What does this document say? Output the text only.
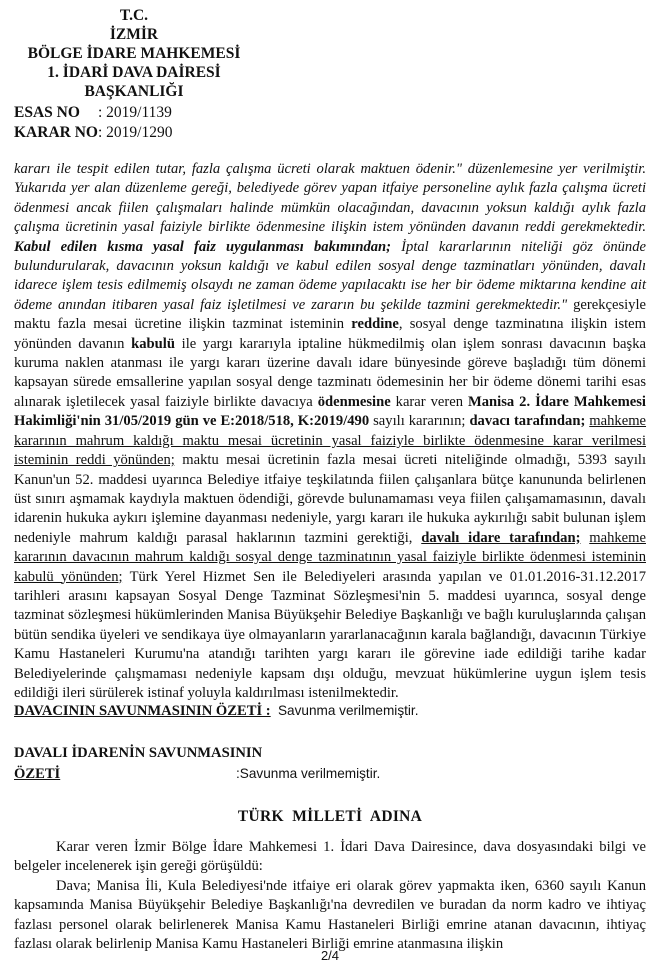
T.C.
İZMİR
BÖLGE İDARE MAHKEMESİ
1. İDARİ DAVA DAİRESİ
BAŞKANLIĞI
ESAS NO : 2019/1139
KARAR NO: 2019/1290

kararı ile tespit edilen tutar, fazla çalışma ücreti olarak maktuen ödenir." düzenlemesine yer verilmiştir. Yukarıda yer alan düzenleme gereği, belediyede görev yapan itfaiye personeline aylık fazla çalışma ücreti ödenmesi ancak fiilen çalışmaları halinde mümkün olacağından, davacının yoksun kaldığı aylık fazla çalışma ücretinin yasal faiziyle birlikte ödenmesine ilişkin istem yönünden davanın reddi gerekmektedir. Kabul edilen kısma yasal faiz uygulanması bakımından; İptal kararlarının niteliği göz önünde bulundurularak, davacının yoksun kaldığı ve kabul edilen sosyal denge tazminatları yönünden, davalı idarece işlem tesis edilmemiş olsaydı ne zaman ödeme yapılacaktı ise her bir ödeme miktarına kendine ait ödeme anından itibaren yasal faiz işletilmesi ve zararın bu şekilde tazmini gerekmektedir." gerekçesiyle maktu fazla mesai ücretine ilişkin tazminat isteminin reddine, sosyal denge tazminatına ilişkin istem yönünden davanın kabulü ile yargı kararıyla iptaline hükmedilmiş olan işlem sonrası davacının başka kuruma naklen atanması ile yargı kararı üzerine davalı idare bünyesinde göreve başladığı tüm dönemi kapsayan sürede emsallerine yapılan sosyal denge tazminatı ödemesinin her bir ödeme dönemi tarihi esas alınarak işletilecek yasal faiziyle birlikte davacıya ödenmesine karar veren Manisa 2. İdare Mahkemesi Hakimliği'nin 31/05/2019 gün ve E:2018/518, K:2019/490 sayılı kararının; davacı tarafından; mahkeme kararının mahrum kaldığı maktu mesai ücretinin yasal faiziyle birlikte ödenmesine karar verilmesi isteminin reddi yönünden; maktu mesai ücretinin fazla mesai ücreti niteliğinde olmadığı, 5393 sayılı Kanun'un 52. maddesi uyarınca Belediye itfaiye teşkilatında fiilen çalışanlara bütçe kanununda belirlenen üst sınırı aşmamak kaydıyla maktuen ödendiği, görevde bulunamaması veya fiilen çalışamamasının, davalı idarenin hukuka aykırı işlemine dayanması nedeniyle, yargı kararı ile hukuka aykırılığı sabit bulunan işlem nedeniyle mahrum kaldığı parasal haklarının tazmini gerektiği, davalı idare tarafından; mahkeme kararının davacının mahrum kaldığı sosyal denge tazminatının yasal faiziyle birlikte ödenmesi isteminin kabulü yönünden; Türk Yerel Hizmet Sen ile Belediyeleri arasında yapılan ve 01.01.2016-31.12.2017 tarihleri arasını kapsayan Sosyal Denge Tazminat Sözleşmesi'nin 5. maddesi uyarınca, sosyal denge tazminat sözleşmesi hükümlerinden Manisa Büyükşehir Belediye Başkanlığı ve bağlı kuruluşlarında çalışan bütün sendika üyeleri ve sendikaya üye olmayanların yararlanacağının karala bağlandığı, davacının Türkiye Kamu Hastaneleri Kurumu'na atandığı tarihten yargı kararı ile görevine iade edildiği tarihe kadar Belediyelerinde çalışmaması nedeniyle kapsam dışı olduğu, mevzuat hükümlerine uygun işlem tesis edildiği ileri sürülerek istinaf yoluyla kaldırılması istenilmektedir.

DAVACININ SAVUNMASININ ÖZETİ : Savunma verilmemiştir.
DAVALI İDARENİN SAVUNMASININ
ÖZETİ	:Savunma verilmemiştir.
TÜRK  MİLLETİ  ADINA

Karar veren İzmir Bölge İdare Mahkemesi 1. İdari Dava Dairesince, dava dosyasındaki bilgi ve belgeler incelenerek işin gereği görüşüldü:

Dava; Manisa İli, Kula Belediyesi'nde itfaiye eri olarak görev yapmakta iken, 6360 sayılı Kanun kapsamında Manisa Büyükşehir Belediye Başkanlığı'na devredilen ve buradan da norm kadro ve ihtiyaç fazlası personel olarak belirlenerek Manisa Kamu Hastaneleri Birliği emrine atanan davacının, ihtiyaç fazlası olarak belirlenip Manisa Kamu Hastaneleri Birliği emrine atanmasına ilişkin

2/4
